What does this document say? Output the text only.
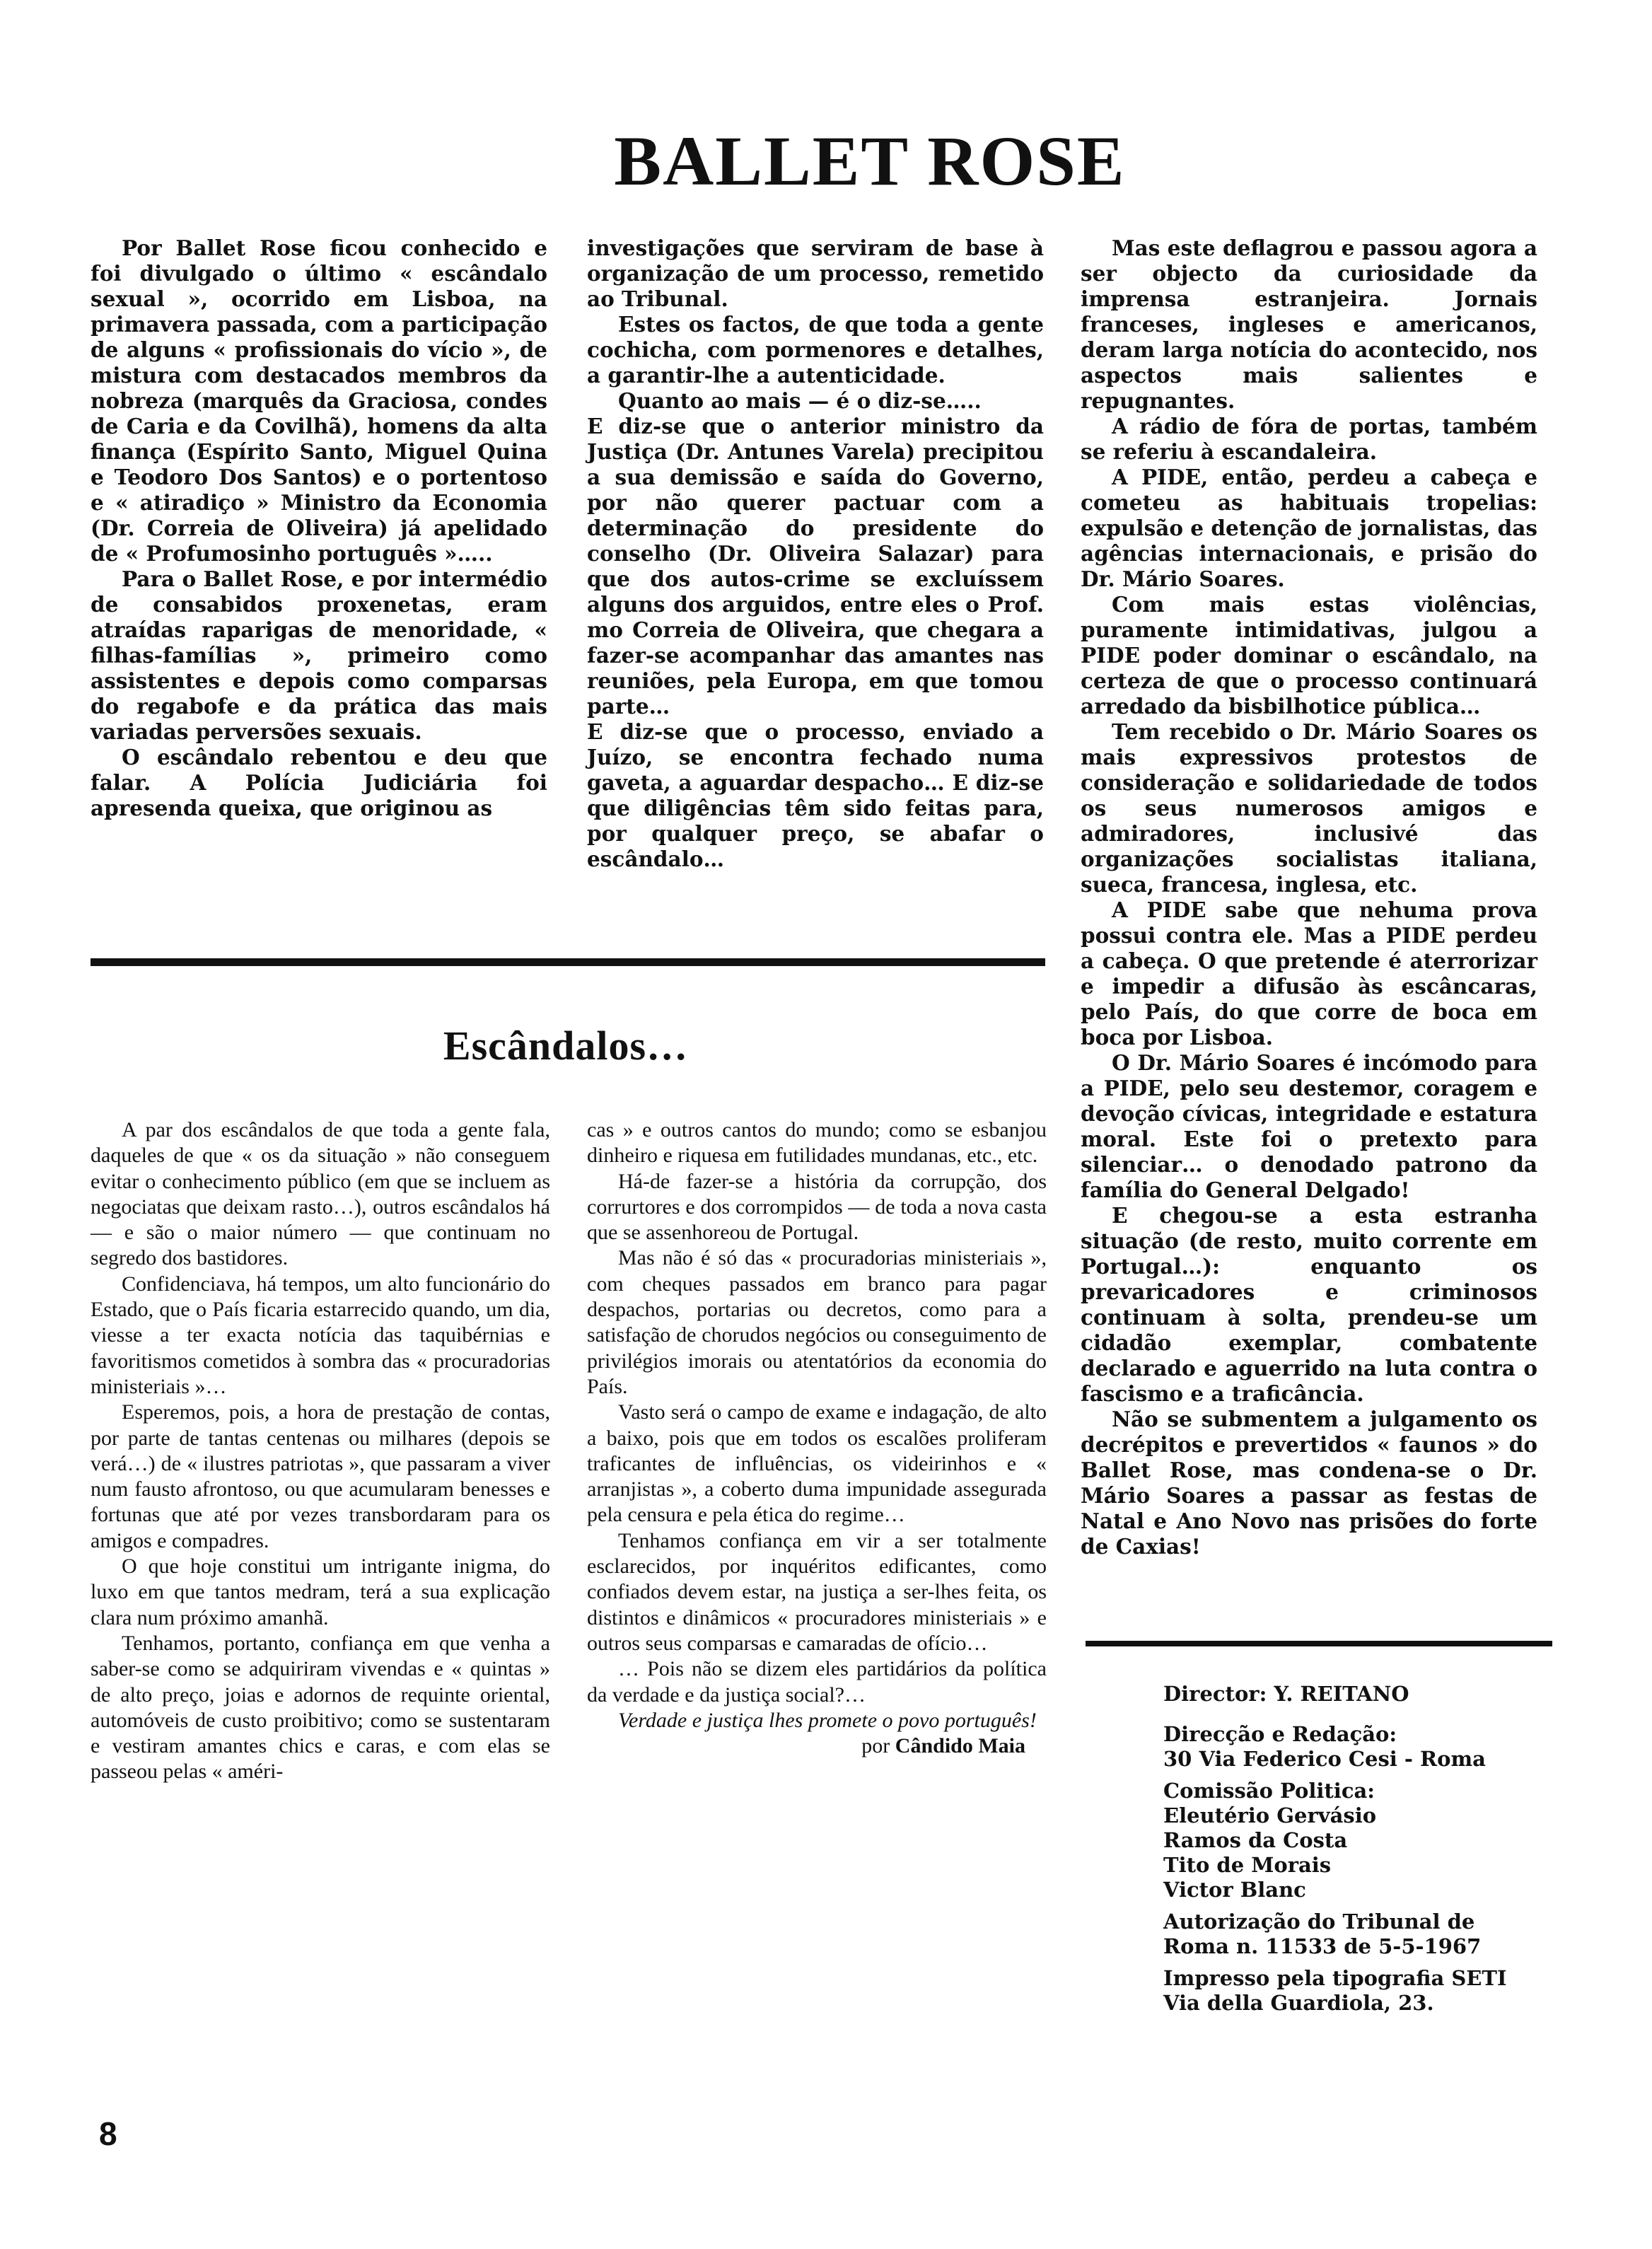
BALLET ROSE

Por Ballet Rose ficou conhecido e foi divulgado o último « escândalo sexual », ocorrido em Lisboa, na primavera passada, com a participação de alguns « profissionais do vício », de mistura com destacados membros da nobreza (marquês da Graciosa, condes de Caria e da Covilhã), homens da alta finança (Espírito Santo, Miguel Quina e Teodoro Dos Santos) e o portentoso e « atiradiço » Ministro da Economia (Dr. Correia de Oliveira) já apelidado de « Profumosinho português »…..

Para o Ballet Rose, e por intermédio de consabidos proxenetas, eram atraídas raparigas de menoridade, « filhas-famílias », primeiro como assistentes e depois como comparsas do regabofe e da prática das mais variadas perversões sexuais.

O escândalo rebentou e deu que falar. A Polícia Judiciária foi apresenda queixa, que originou as

investigações que serviram de base à organização de um processo, remetido ao Tribunal.

Estes os factos, de que toda a gente cochicha, com pormenores e detalhes, a garantir-lhe a autenticidade.

Quanto ao mais — é o diz-se…..

E diz-se que o anterior ministro da Justiça (Dr. Antunes Varela) precipitou a sua demissão e saída do Governo, por não querer pactuar com a determinação do presidente do conselho (Dr. Oliveira Salazar) para que dos autos-crime se excluíssem alguns dos arguidos, entre eles o Prof. mo Correia de Oliveira, que chegara a fazer-se acompanhar das amantes nas reuniões, pela Europa, em que tomou parte…

E diz-se que o processo, enviado a Juízo, se encontra fechado numa gaveta, a aguardar despacho… E diz-se que diligências têm sido feitas para, por qualquer preço, se abafar o escândalo…

Mas este deflagrou e passou agora a ser objecto da curiosidade da imprensa estranjeira. Jornais franceses, ingleses e americanos, deram larga notícia do acontecido, nos aspectos mais salientes e repugnantes.

A rádio de fóra de portas, também se referiu à escandaleira.

A PIDE, então, perdeu a cabeça e cometeu as habituais tropelias: expulsão e detenção de jornalistas, das agências internacionais, e prisão do Dr. Mário Soares.

Com mais estas violências, puramente intimidativas, julgou a PIDE poder dominar o escândalo, na certeza de que o processo continuará arredado da bisbilhotice pública…

Tem recebido o Dr. Mário Soares os mais expressivos protestos de consideração e solidariedade de todos os seus numerosos amigos e admiradores, inclusivé das organizações socialistas italiana, sueca, francesa, inglesa, etc.

A PIDE sabe que nehuma prova possui contra ele. Mas a PIDE perdeu a cabeça. O que pretende é aterrorizar e impedir a difusão às escâncaras, pelo País, do que corre de boca em boca por Lisboa.

O Dr. Mário Soares é incómodo para a PIDE, pelo seu destemor, coragem e devoção cívicas, integridade e estatura moral. Este foi o pretexto para silenciar… o denodado patrono da família do General Delgado!

E chegou-se a esta estranha situação (de resto, muito corrente em Portugal…): enquanto os prevaricadores e criminosos continuam à solta, prendeu-se um cidadão exemplar, combatente declarado e aguerrido na luta contra o fascismo e a traficância.

Não se submentem a julgamento os decrépitos e prevertidos « faunos » do Ballet Rose, mas condena-se o Dr. Mário Soares a passar as festas de Natal e Ano Novo nas prisões do forte de Caxias!

Escândalos…

A par dos escândalos de que toda a gente fala, daqueles de que « os da situação » não conseguem evitar o conhecimento público (em que se incluem as negociatas que deixam rasto…), outros escândalos há — e são o maior número — que continuam no segredo dos bastidores.

Confidenciava, há tempos, um alto funcionário do Estado, que o País ficaria estarrecido quando, um dia, viesse a ter exacta notícia das taquibérnias e favoritismos cometidos à sombra das « procuradorias ministeriais »…

Esperemos, pois, a hora de prestação de contas, por parte de tantas centenas ou milhares (depois se verá…) de « ilustres patriotas », que passaram a viver num fausto afrontoso, ou que acumularam benesses e fortunas que até por vezes transbordaram para os amigos e compadres.

O que hoje constitui um intrigante inigma, do luxo em que tantos medram, terá a sua explicação clara num próximo amanhã.

Tenhamos, portanto, confiança em que venha a saber-se como se adquiriram vivendas e « quintas » de alto preço, joias e adornos de requinte oriental, automóveis de custo proibitivo; como se sustentaram e vestiram amantes chics e caras, e com elas se passeou pelas « améri-

cas » e outros cantos do mundo; como se esbanjou dinheiro e riquesa em futilidades mundanas, etc., etc.

Há-de fazer-se a história da corrupção, dos corrurtores e dos corrompidos — de toda a nova casta que se assenhoreou de Portugal.

Mas não é só das « procuradorias ministeriais », com cheques passados em branco para pagar despachos, portarias ou decretos, como para a satisfação de chorudos negócios ou conseguimento de privilégios imorais ou atentatórios da economia do País.

Vasto será o campo de exame e indagação, de alto a baixo, pois que em todos os escalões proliferam traficantes de influências, os videirinhos e « arranjistas », a coberto duma impunidade assegurada pela censura e pela ética do regime…

Tenhamos confiança em vir a ser totalmente esclarecidos, por inquéritos edificantes, como confiados devem estar, na justiça a ser-lhes feita, os distintos e dinâmicos « procuradores ministeriais » e outros seus comparsas e camaradas de ofício…

… Pois não se dizem eles partidários da política da verdade e da justiça social?…

Verdade e justiça lhes promete o povo português!

por Cândido Maia
Director: Y. REITANO
Direcção e Redação:
30 Via Federico Cesi - Roma
Comissão Politica:
Eleutério Gervásio
Ramos da Costa
Tito de Morais
Victor Blanc
Autorização do Tribunal de
Roma n. 11533 de 5-5-1967
Impresso pela tipografia SETI
Via della Guardiola, 23.
8
